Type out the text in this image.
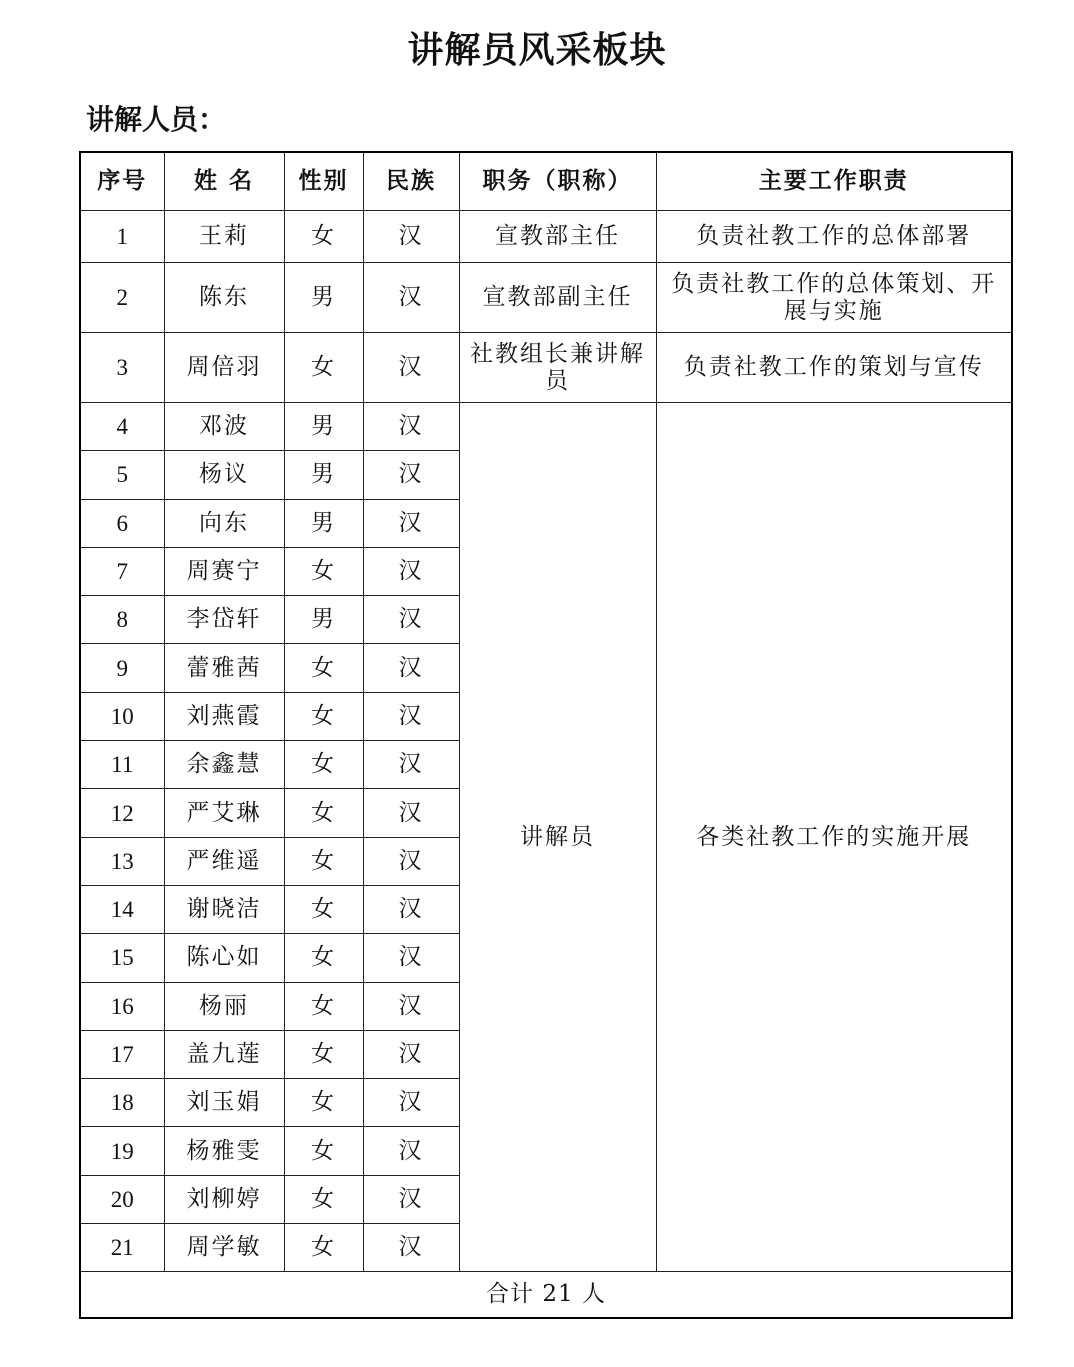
讲解员风采板块
讲解人员：
序号	姓 名	性别	民族	职务（职称）	主要工作职责
1	王莉	女	汉	宣教部主任	负责社教工作的总体部署
2	陈东	男	汉	宣教部副主任	负责社教工作的总体策划、开展与实施
3	周倍羽	女	汉	社教组长兼讲解员	负责社教工作的策划与宣传
4	邓波	男	汉	讲解员	各类社教工作的实施开展
5	杨议	男	汉		
6	向东	男	汉		
7	周赛宁	女	汉		
8	李岱轩	男	汉		
9	蕾雅茜	女	汉		
10	刘燕霞	女	汉		
11	余鑫慧	女	汉		
12	严艾琳	女	汉		
13	严维遥	女	汉		
14	谢晓洁	女	汉		
15	陈心如	女	汉		
16	杨丽	女	汉		
17	盖九莲	女	汉		
18	刘玉娟	女	汉		
19	杨雅雯	女	汉		
20	刘柳婷	女	汉		
21	周学敏	女	汉		
合计 21 人					
